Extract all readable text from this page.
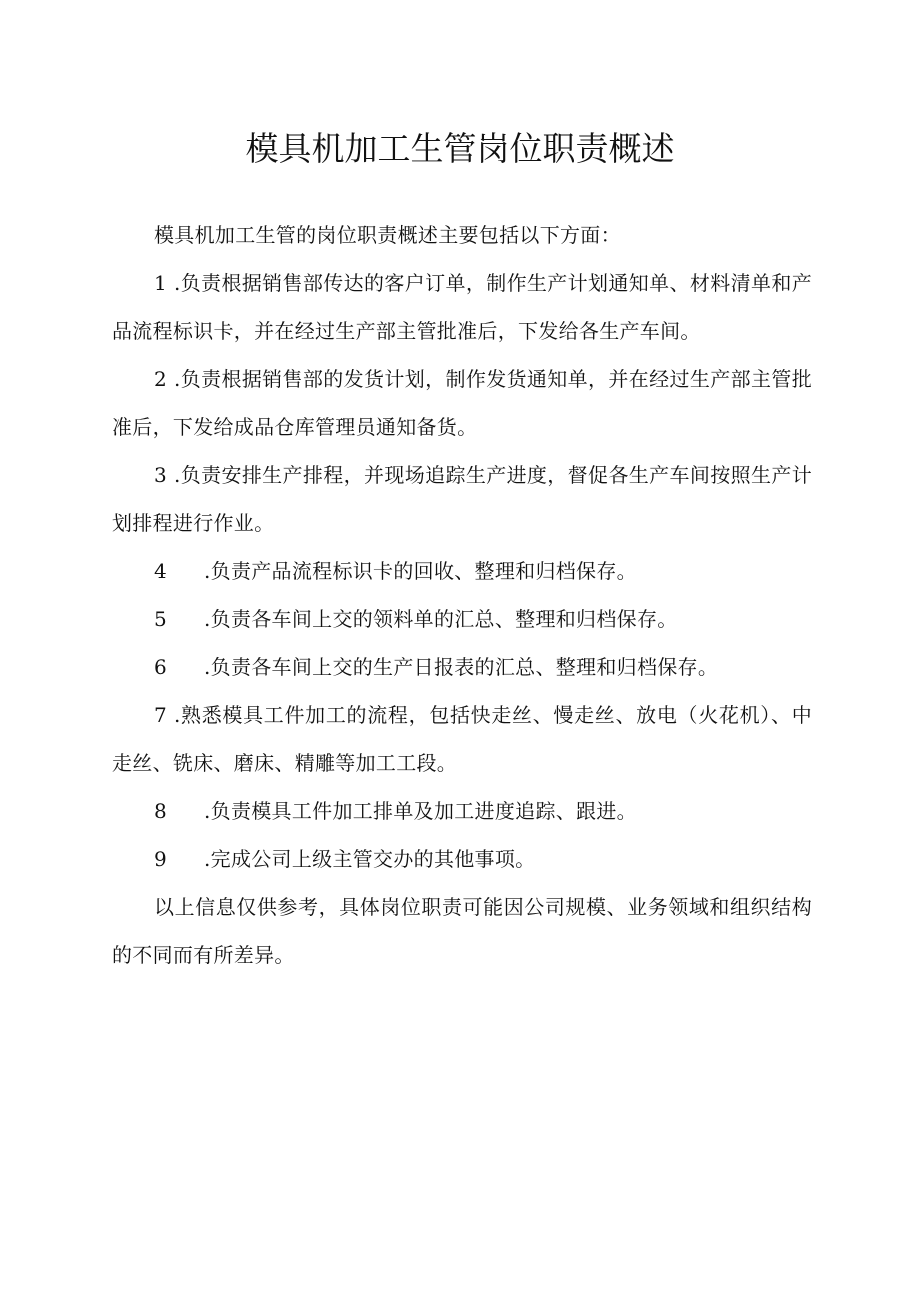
模具机加工生管岗位职责概述

模具机加工生管的岗位职责概述主要包括以下方面：

1 .负责根据销售部传达的客户订单，制作生产计划通知单、材料清单和产品流程标识卡，并在经过生产部主管批准后，下发给各生产车间。

2 .负责根据销售部的发货计划，制作发货通知单，并在经过生产部主管批准后，下发给成品仓库管理员通知备货。

3 .负责安排生产排程，并现场追踪生产进度，督促各生产车间按照生产计划排程进行作业。

4 .负责产品流程标识卡的回收、整理和归档保存。

5 .负责各车间上交的领料单的汇总、整理和归档保存。

6 .负责各车间上交的生产日报表的汇总、整理和归档保存。

7 .熟悉模具工件加工的流程，包括快走丝、慢走丝、放电（火花机）、中走丝、铣床、磨床、精雕等加工工段。

8 .负责模具工件加工排单及加工进度追踪、跟进。

9 .完成公司上级主管交办的其他事项。

以上信息仅供参考，具体岗位职责可能因公司规模、业务领域和组织结构的不同而有所差异。
